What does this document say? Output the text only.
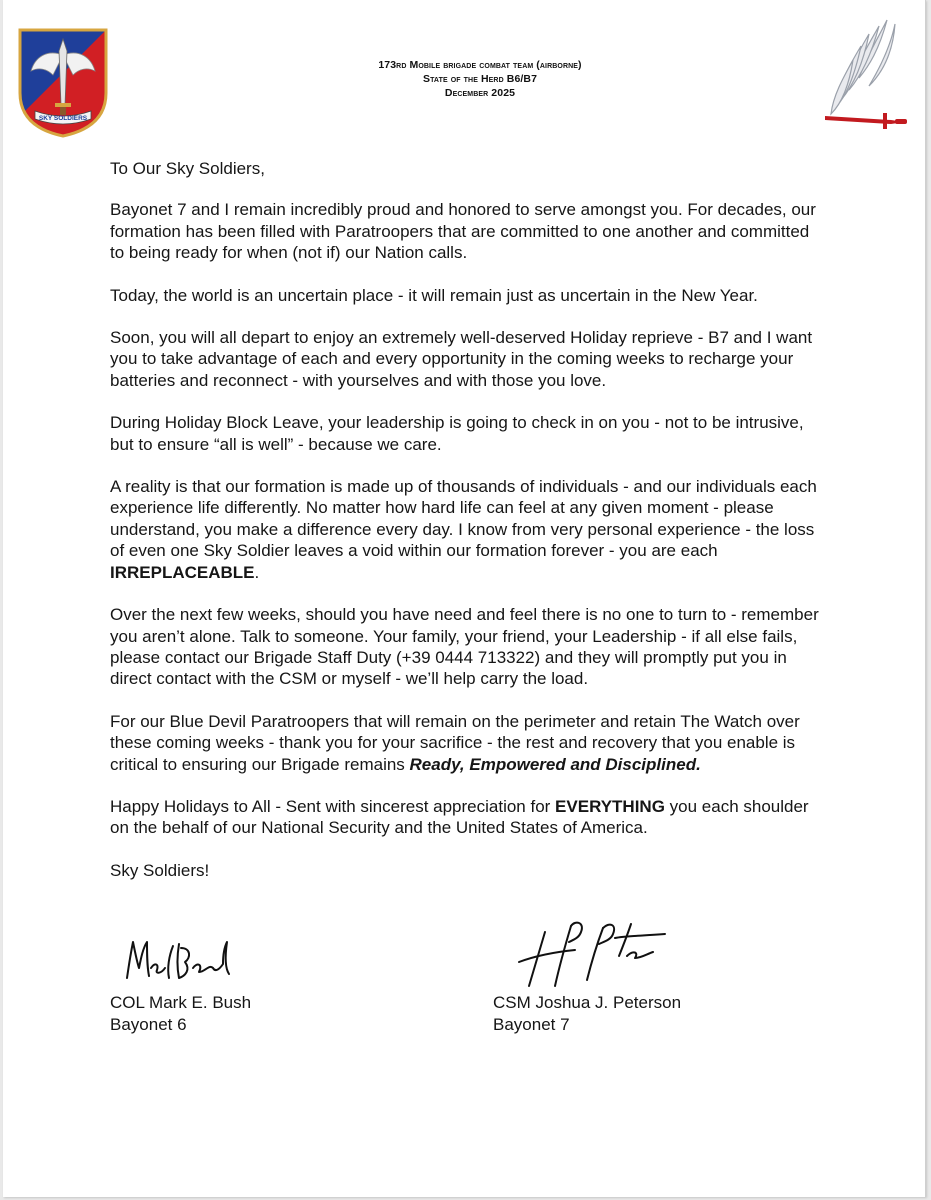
SKY SOLDIERS
173rd Mobile brigade combat team (airborne)
State of the Herd B6/B7
December 2025

To Our Sky Soldiers,

Bayonet 7 and I remain incredibly proud and honored to serve amongst you. For decades, our formation has been filled with Paratroopers that are committed to one another and committed to being ready for when (not if) our Nation calls.

Today, the world is an uncertain place - it will remain just as uncertain in the New Year.

Soon, you will all depart to enjoy an extremely well-deserved Holiday reprieve - B7 and I want you to take advantage of each and every opportunity in the coming weeks to recharge your batteries and reconnect - with yourselves and with those you love.

During Holiday Block Leave, your leadership is going to check in on you - not to be intrusive, but to ensure “all is well” - because we care.

A reality is that our formation is made up of thousands of individuals - and our individuals each experience life differently. No matter how hard life can feel at any given moment - please understand, you make a difference every day. I know from very personal experience - the loss of even one Sky Soldier leaves a void within our formation forever - you are each IRREPLACEABLE.

Over the next few weeks, should you have need and feel there is no one to turn to - remember you aren’t alone. Talk to someone. Your family, your friend, your Leadership - if all else fails, please contact our Brigade Staff Duty (+39 0444 713322) and they will promptly put you in direct contact with the CSM or myself - we’ll help carry the load.

For our Blue Devil Paratroopers that will remain on the perimeter and retain The Watch over these coming weeks - thank you for your sacrifice - the rest and recovery that you enable is critical to ensuring our Brigade remains Ready, Empowered and Disciplined.

Happy Holidays to All - Sent with sincerest appreciation for EVERYTHING you each shoulder on the behalf of our National Security and the United States of America.

Sky Soldiers!

COL Mark E. Bush
Bayonet 6
CSM Joshua J. Peterson
Bayonet 7
